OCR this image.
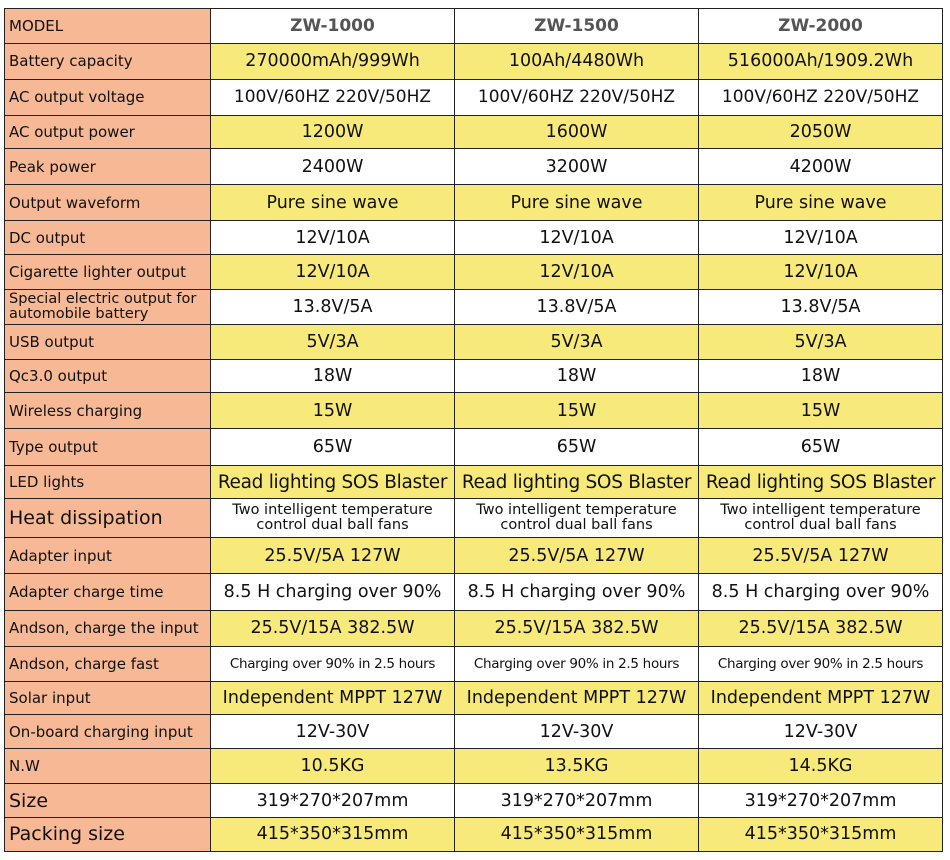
MODEL	ZW-1000	ZW-1500	ZW-2000
Battery capacity	270000mAh/999Wh	100Ah/4480Wh	516000Ah/1909.2Wh
AC output voltage	100V/60HZ 220V/50HZ	100V/60HZ 220V/50HZ	100V/60HZ 220V/50HZ
AC output power	1200W	1600W	2050W
Peak power	2400W	3200W	4200W
Output waveform	Pure sine wave	Pure sine wave	Pure sine wave
DC output	12V/10A	12V/10A	12V/10A
Cigarette lighter output	12V/10A	12V/10A	12V/10A
Special electric output for automobile battery	13.8V/5A	13.8V/5A	13.8V/5A
USB output	5V/3A	5V/3A	5V/3A
Qc3.0 output	18W	18W	18W
Wireless charging	15W	15W	15W
Type output	65W	65W	65W
LED lights	Read lighting SOS Blaster	Read lighting SOS Blaster	Read lighting SOS Blaster
Heat dissipation	Two intelligent temperature control dual ball fans	Two intelligent temperature control dual ball fans	Two intelligent temperature control dual ball fans
Adapter input	25.5V/5A 127W	25.5V/5A 127W	25.5V/5A 127W
Adapter charge time	8.5 H charging over 90%	8.5 H charging over 90%	8.5 H charging over 90%
Andson, charge the input	25.5V/15A 382.5W	25.5V/15A 382.5W	25.5V/15A 382.5W
Andson, charge fast	Charging over 90% in 2.5 hours	Charging over 90% in 2.5 hours	Charging over 90% in 2.5 hours
Solar input	Independent MPPT 127W	Independent MPPT 127W	Independent MPPT 127W
On-board charging input	12V-30V	12V-30V	12V-30V
N.W	10.5KG	13.5KG	14.5KG
Size	319*270*207mm	319*270*207mm	319*270*207mm
Packing size	415*350*315mm	415*350*315mm	415*350*315mm
